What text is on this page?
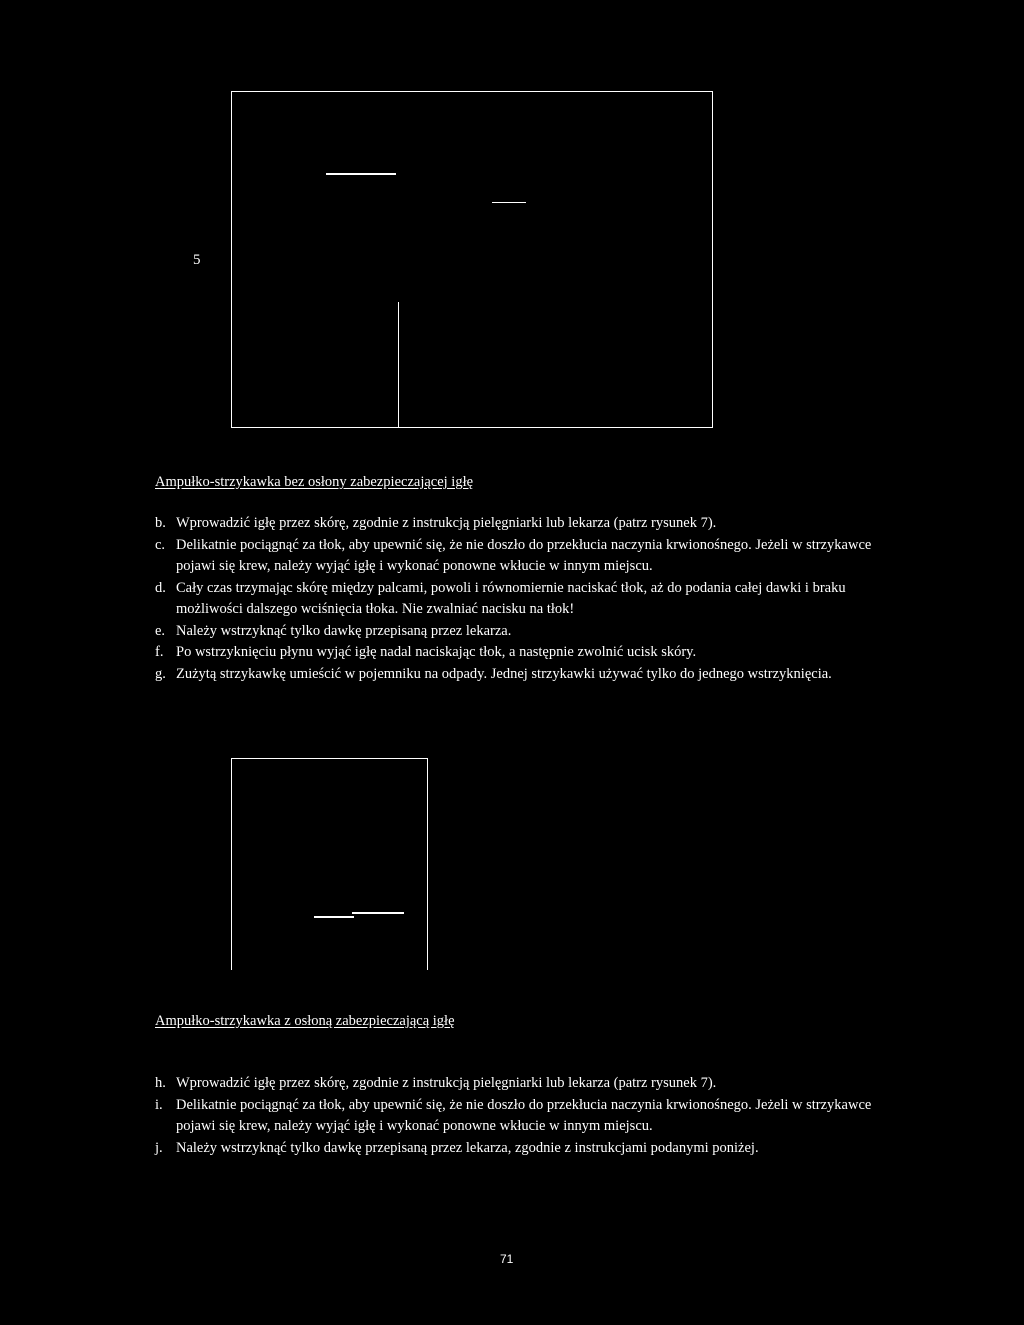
5
Ampułko-strzykawka bez osłony zabezpieczającej igłę
b. Wprowadzić igłę przez skórę, zgodnie z instrukcją pielęgniarki lub lekarza (patrz rysunek 7).
c. Delikatnie pociągnąć za tłok, aby upewnić się, że nie doszło do przekłucia naczynia krwionośnego. Jeżeli w strzykawce pojawi się krew, należy wyjąć igłę i wykonać ponowne wkłucie w innym miejscu.
d. Cały czas trzymając skórę między palcami, powoli i równomiernie naciskać tłok, aż do podania całej dawki i braku możliwości dalszego wciśnięcia tłoka. Nie zwalniać nacisku na tłok!
e. Należy wstrzyknąć tylko dawkę przepisaną przez lekarza.
f. Po wstrzyknięciu płynu wyjąć igłę nadal naciskając tłok, a następnie zwolnić ucisk skóry.
g. Zużytą strzykawkę umieścić w pojemniku na odpady. Jednej strzykawki używać tylko do jednego wstrzyknięcia.
Ampułko-strzykawka z osłoną zabezpieczającą igłę
h. Wprowadzić igłę przez skórę, zgodnie z instrukcją pielęgniarki lub lekarza (patrz rysunek 7).
i. Delikatnie pociągnąć za tłok, aby upewnić się, że nie doszło do przekłucia naczynia krwionośnego. Jeżeli w strzykawce pojawi się krew, należy wyjąć igłę i wykonać ponowne wkłucie w innym miejscu.
j. Należy wstrzyknąć tylko dawkę przepisaną przez lekarza, zgodnie z instrukcjami podanymi poniżej.
71
